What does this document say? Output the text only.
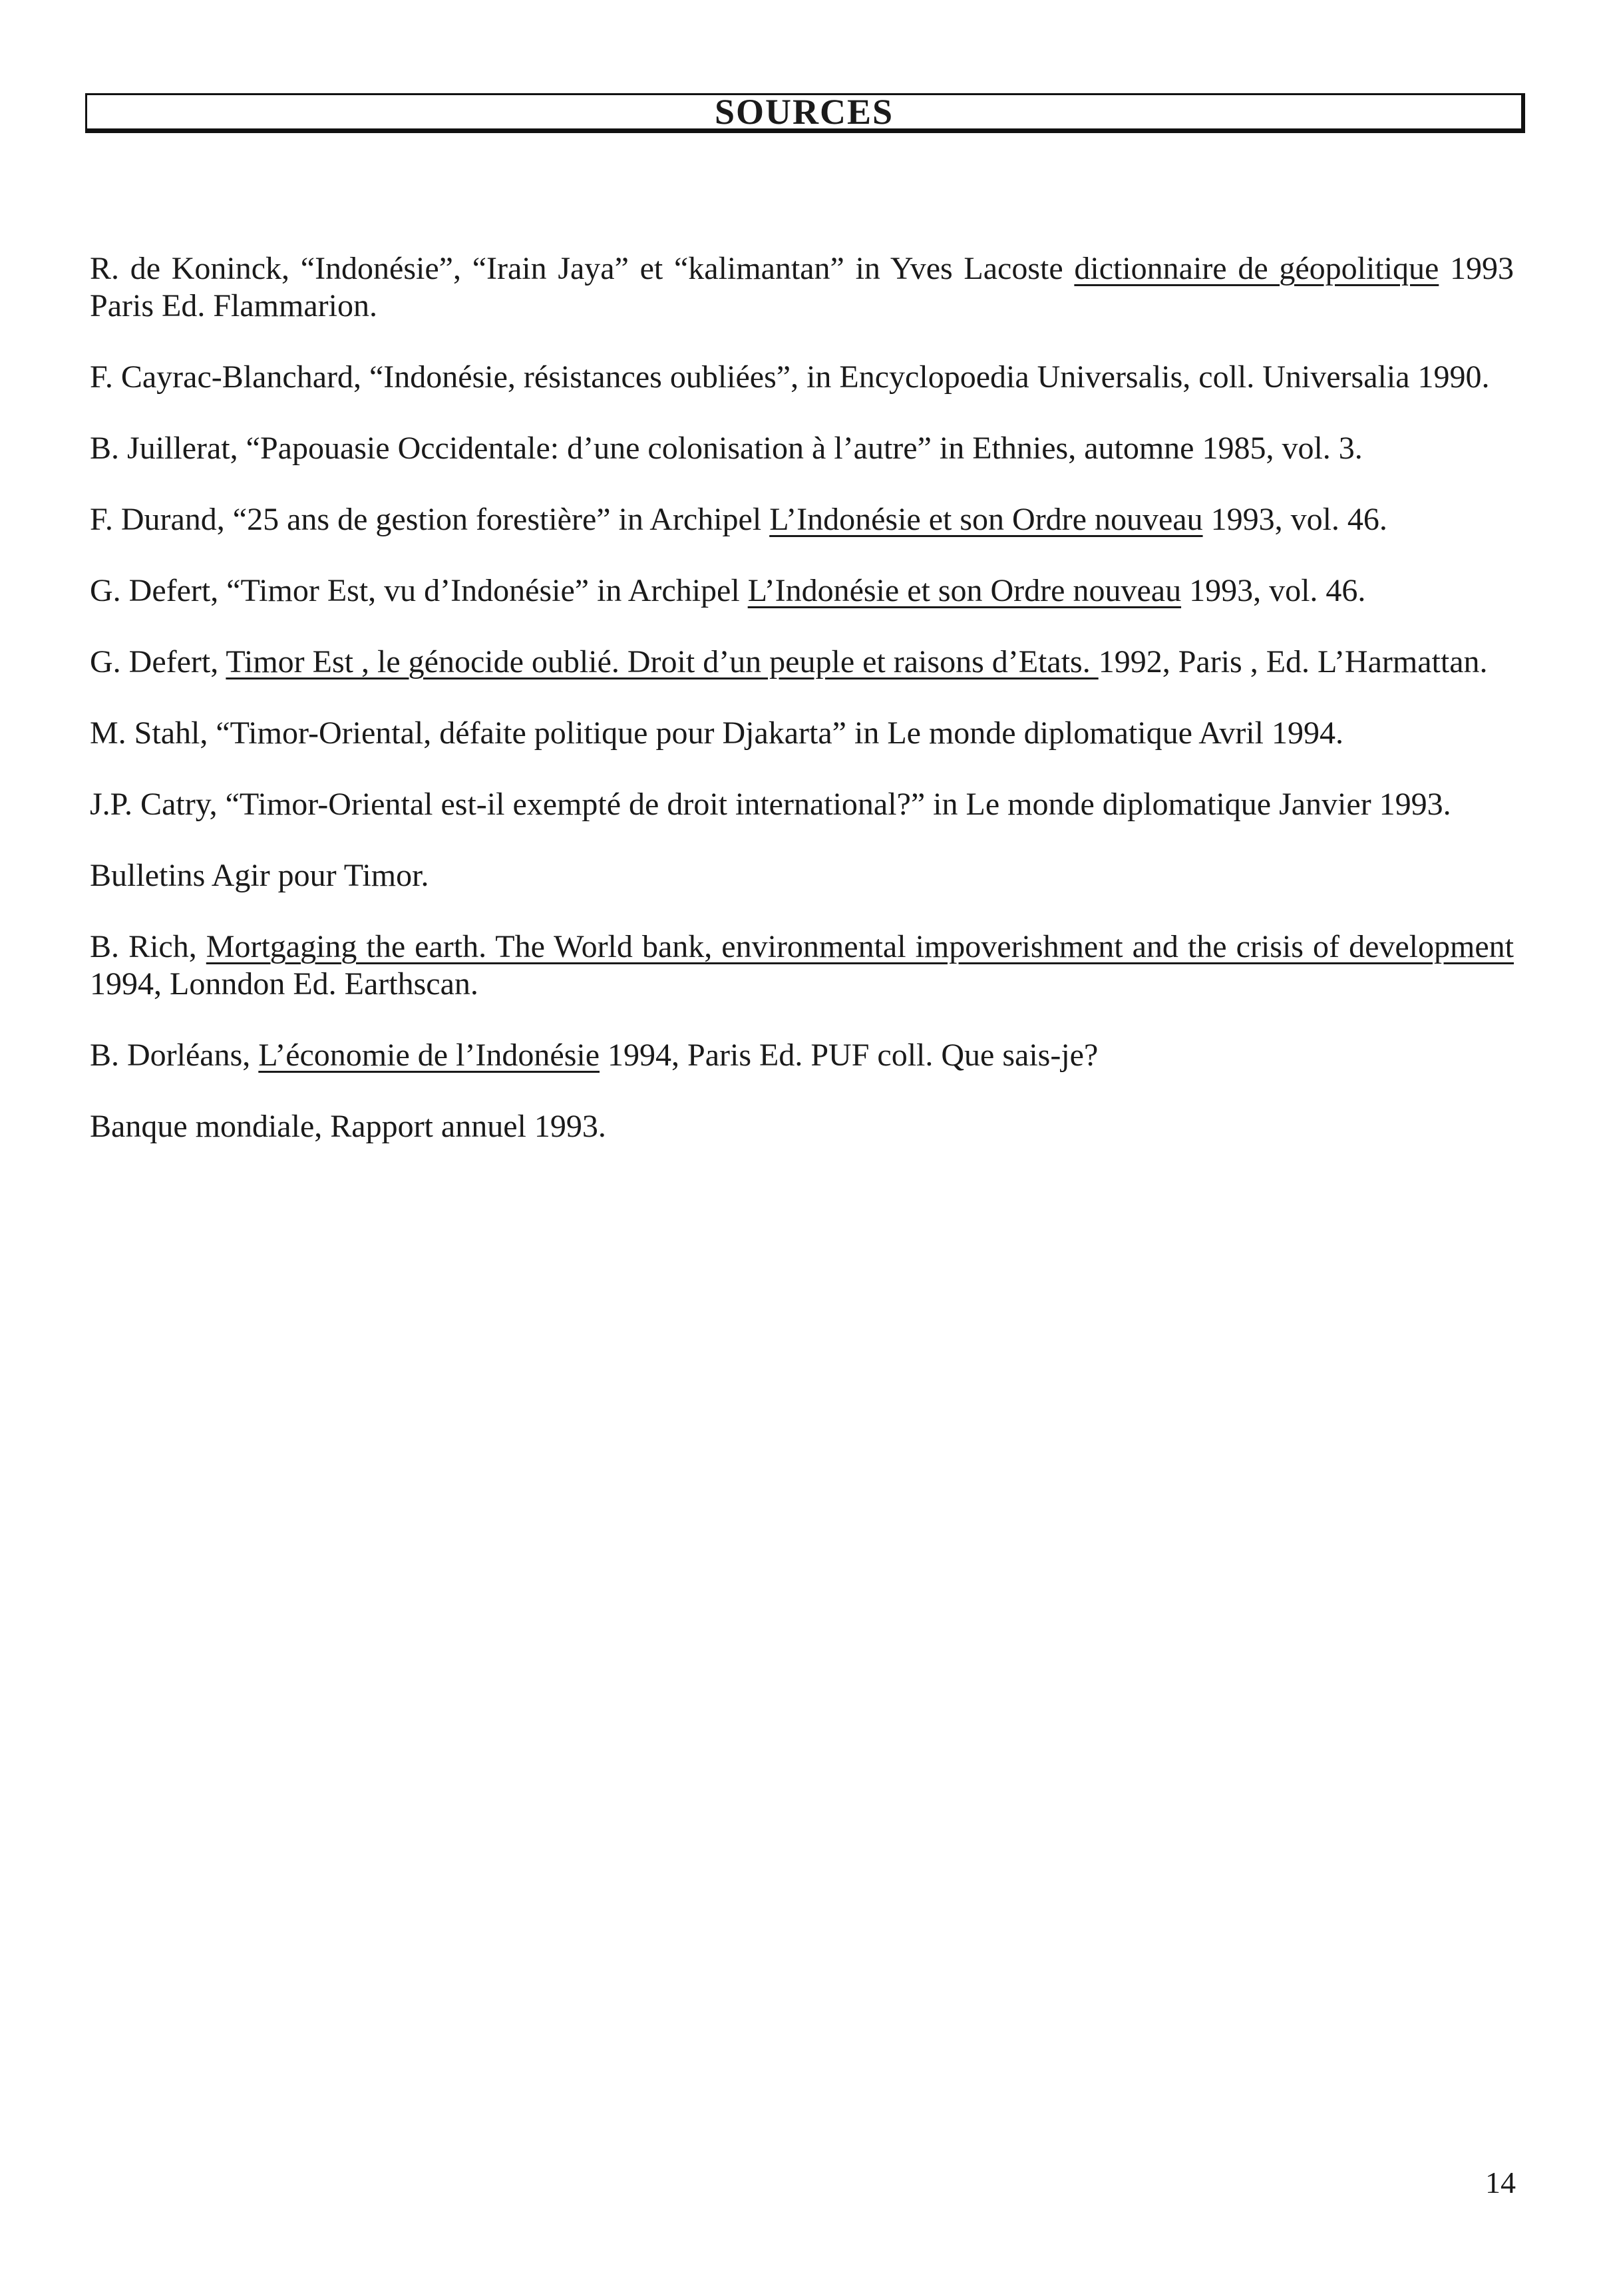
SOURCES

R. de Koninck, “Indonésie”, “Irain Jaya” et “kalimantan” in Yves Lacoste dictionnaire de géopolitique 1993 Paris Ed. Flammarion.

F. Cayrac-Blanchard, “Indonésie, résistances oubliées”, in Encyclopoedia Universalis, coll. Universalia 1990.

B. Juillerat, “Papouasie Occidentale: d’une colonisation à l’autre” in Ethnies, automne 1985, vol. 3.

F. Durand, “25 ans de gestion forestière” in Archipel L’Indonésie et son Ordre nouveau 1993, vol. 46.

G. Defert, “Timor Est, vu d’Indonésie” in Archipel L’Indonésie et son Ordre nouveau 1993, vol. 46.

G. Defert, Timor Est , le génocide oublié. Droit d’un peuple et raisons d’Etats. 1992, Paris , Ed. L’Harmattan.

M. Stahl, “Timor-Oriental, défaite politique pour Djakarta” in Le monde diplomatique Avril 1994.

J.P. Catry, “Timor-Oriental est-il exempté de droit international?” in Le monde diplomatique Janvier 1993.

Bulletins Agir pour Timor.

B. Rich, Mortgaging the earth. The World bank, environmental impoverishment and the crisis of development 1994, Lonndon Ed. Earthscan.

B. Dorléans, L’économie de l’Indonésie 1994, Paris Ed. PUF coll. Que sais-je?

Banque mondiale, Rapport annuel 1993.

14
